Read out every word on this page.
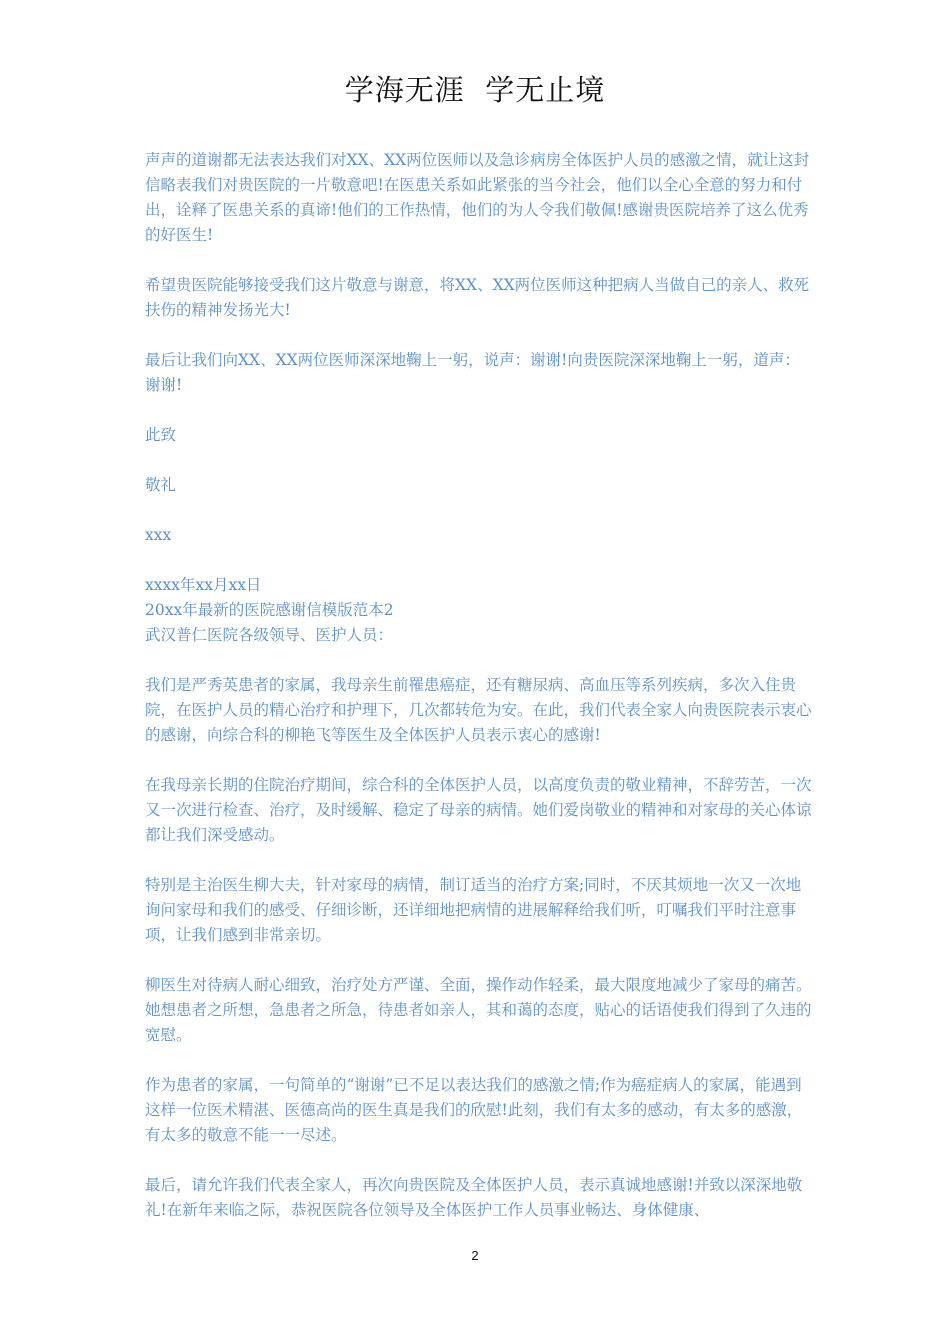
学海无涯  学无止境

声声的道谢都无法表达我们对XX、XX两位医师以及急诊病房全体医护人员的感激之情，就让这封信略表我们对贵医院的一片敬意吧!在医患关系如此紧张的当今社会，他们以全心全意的努力和付出，诠释了医患关系的真谛!他们的工作热情，他们的为人令我们敬佩!感谢贵医院培养了这么优秀的好医生!

希望贵医院能够接受我们这片敬意与谢意，将XX、XX两位医师这种把病人当做自己的亲人、救死扶伤的精神发扬光大!

最后让我们向XX、XX两位医师深深地鞠上一躬，说声：谢谢!向贵医院深深地鞠上一躬，道声：谢谢!

此致

敬礼

xxx

xxxx年xx月xx日

20xx年最新的医院感谢信模版范本2

武汉普仁医院各级领导、医护人员：

我们是严秀英患者的家属，我母亲生前罹患癌症，还有糖尿病、高血压等系列疾病，多次入住贵院，在医护人员的精心治疗和护理下，几次都转危为安。在此，我们代表全家人向贵医院表示衷心的感谢，向综合科的柳艳飞等医生及全体医护人员表示衷心的感谢!

在我母亲长期的住院治疗期间，综合科的全体医护人员，以高度负责的敬业精神，不辞劳苦，一次又一次进行检查、治疗，及时缓解、稳定了母亲的病情。她们爱岗敬业的精神和对家母的关心体谅都让我们深受感动。

特别是主治医生柳大夫，针对家母的病情，制订适当的治疗方案;同时，不厌其烦地一次又一次地询问家母和我们的感受、仔细诊断，还详细地把病情的进展解释给我们听，叮嘱我们平时注意事项，让我们感到非常亲切。

柳医生对待病人耐心细致，治疗处方严谨、全面，操作动作轻柔，最大限度地减少了家母的痛苦。她想患者之所想，急患者之所急，待患者如亲人，其和蔼的态度，贴心的话语使我们得到了久违的宽慰。

作为患者的家属，一句简单的“谢谢”已不足以表达我们的感激之情;作为癌症病人的家属，能遇到这样一位医术精湛、医德高尚的医生真是我们的欣慰!此刻，我们有太多的感动，有太多的感激，有太多的敬意不能一一尽述。

最后，请允许我们代表全家人，再次向贵医院及全体医护人员，表示真诚地感谢!并致以深深地敬礼!在新年来临之际，恭祝医院各位领导及全体医护工作人员事业畅达、身体健康、

2
